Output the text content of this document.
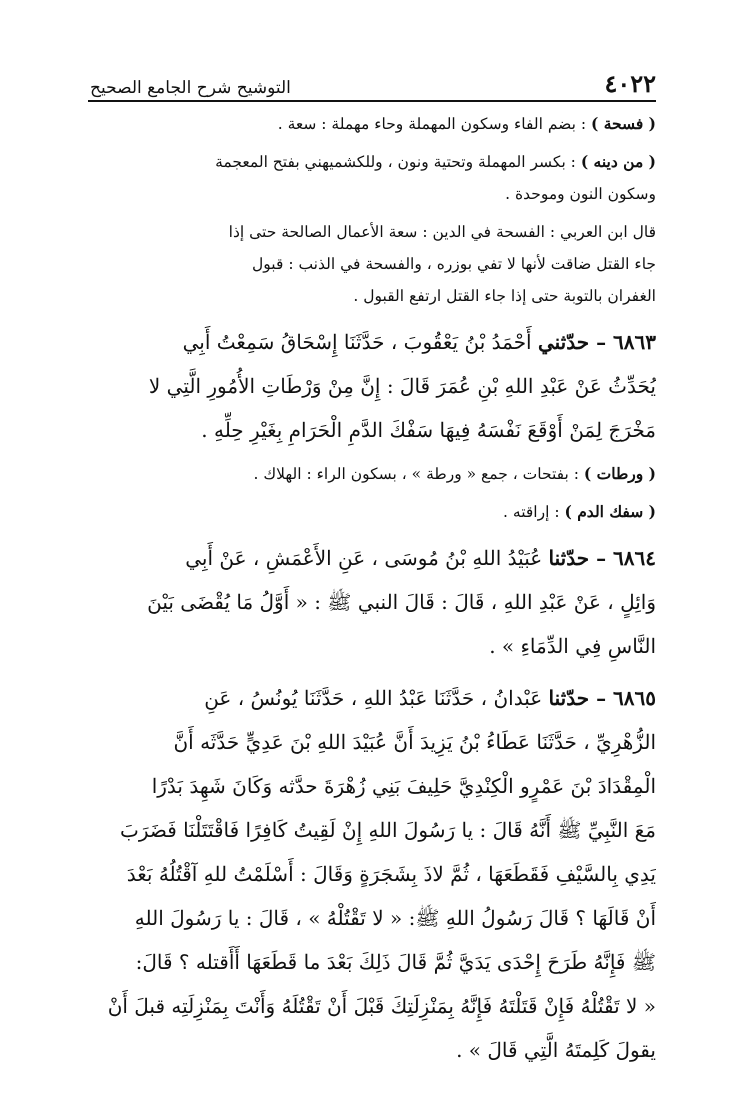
٤٠٢٢
التوشيح شرح الجامع الصحيح

( فسحة ) : بضم الفاء وسكون المهملة وحاء مهملة : سعة .

( من دينه ) : بكسر المهملة وتحتية ونون ، وللكشميهني بفتح المعجمة

وسكون النون وموحدة .

قال ابن العربي : الفسحة في الدين : سعة الأعمال الصالحة حتى إذا

جاء القتل ضاقت لأنها لا تفي بوزره ، والفسحة في الذنب : قبول

الغفران بالتوبة حتى إذا جاء القتل ارتفع القبول .

٦٨٦٣ – حدّثني أَحْمَدُ بْنُ يَعْقُوبَ ، حَدَّثَنَا إِسْحَاقُ سَمِعْتُ أَبِي

يُحَدِّثُ عَنْ عَبْدِ اللهِ بْنِ عُمَرَ قَالَ : إِنَّ مِنْ وَرْطَاتِ الأُمُورِ الَّتِي لا

مَخْرَجَ لِمَنْ أَوْقَعَ نَفْسَهُ فِيهَا سَفْكَ الدَّمِ الْحَرَامِ بِغَيْرِ حِلِّهِ .

( ورطات ) : بفتحات ، جمع « ورطة » ، بسكون الراء : الهلاك .

( سفك الدم ) : إراقته .

٦٨٦٤ – حدّثنا عُبَيْدُ اللهِ بْنُ مُوسَى ، عَنِ الأَعْمَشِ ، عَنْ أَبِي

وَائِلٍ ، عَنْ عَبْدِ اللهِ ، قَالَ : قَالَ النبي ﷺ : « أَوَّلُ مَا يُقْضَى بَيْنَ

النَّاسِ فِي الدِّمَاءِ » .

٦٨٦٥ – حدّثنا عَبْدانُ ، حَدَّثَنَا عَبْدُ اللهِ ، حَدَّثَنَا يُونُسُ ، عَنِ

الزُّهْرِيِّ ، حَدَّثَنَا عَطَاءُ بْنُ يَزِيدَ أَنَّ عُبَيْدَ اللهِ بْنَ عَدِيٍّ حَدَّثَه أَنَّ

الْمِقْدَادَ بْنَ عَمْرٍو الْكِنْدِيَّ حَلِيفَ بَنِي زُهْرَةَ حدَّثه وَكَانَ شَهِدَ بَدْرًا

مَعَ النَّبِيِّ ﷺ أَنَّهُ قَالَ : يا رَسُولَ اللهِ إِنْ لَقِيتُ كَافِرًا فَاقْتَتَلْنَا فَضَرَبَ

يَدِي بِالسَّيْفِ فَقَطَعَهَا ، ثُمَّ لاذَ بِشَجَرَةٍ وَقَالَ : أَسْلَمْتُ للهِ آقْتُلُهُ بَعْدَ

أَنْ قَالَهَا ؟ قَالَ رَسُولُ اللهِ ﷺ: « لا تَقْتُلْهُ » ، قَالَ : يا رَسُولَ اللهِ

ﷺ فَإِنَّهُ طَرَحَ إِحْدَى يَدَيَّ ثُمَّ قَالَ ذَلِكَ بَعْدَ ما قَطَعَهَا أَأَقتله ؟ قَالَ:

« لا تَقْتُلْهُ فَإِنْ قَتَلْتَهُ فَإِنَّهُ بِمَنْزِلَتِكَ قَبْلَ أَنْ تَقْتُلَهُ وَأَنْتَ بِمَنْزِلَتِه قبلَ أَنْ

يقولَ كَلِمتَهُ الَّتِي قَالَ » .
